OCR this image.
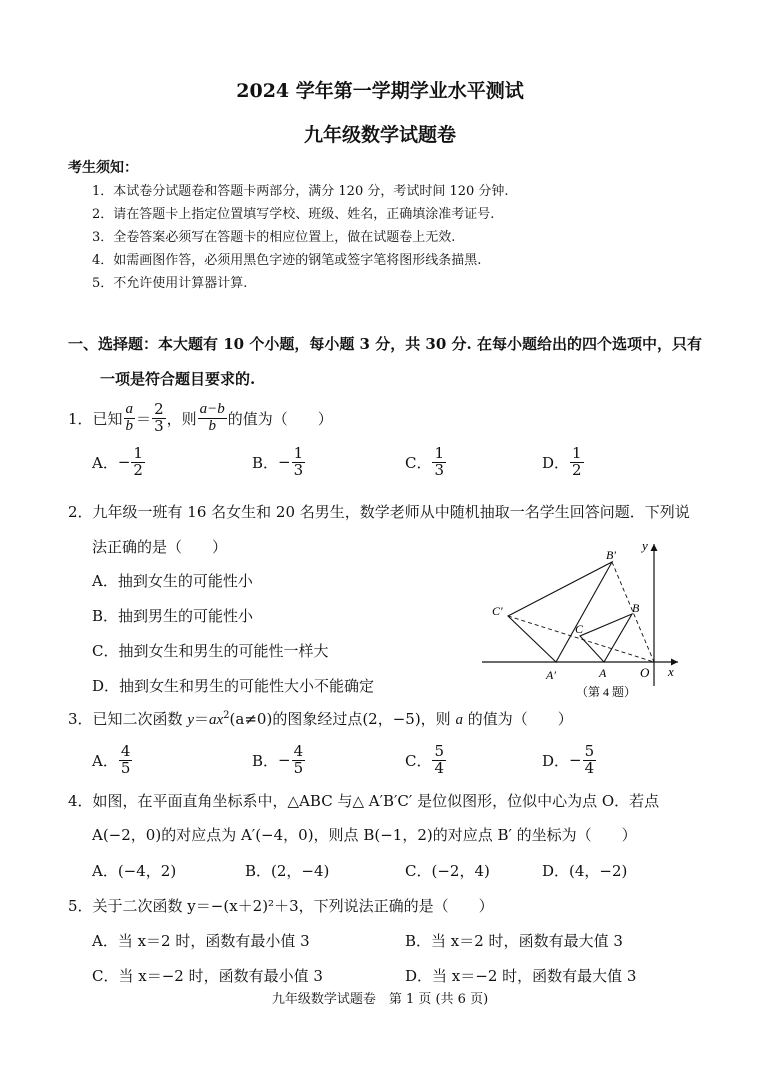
2024 学年第一学期学业水平测试
九年级数学试题卷
考生须知：
1．本试卷分试题卷和答题卡两部分，满分 120 分，考试时间 120 分钟.
2．请在答题卡上指定位置填写学校、班级、姓名，正确填涂准考证号.
3．全卷答案必须写在答题卡的相应位置上，做在试题卷上无效.
4．如需画图作答，必须用黑色字迹的钢笔或签字笔将图形线条描黑.
5．不允许使用计算器计算.
一、选择题：本大题有 10 个小题，每小题 3 分，共 30 分. 在每小题给出的四个选项中，只有
一项是符合题目要求的.
1．已知 $\frac{a}{b} = \frac{2}{3}$ ，则 $\frac{a-b}{b}$ 的值为（　　）
A． − $\frac{1}{2}$	B． − $\frac{1}{3}$	C． $\frac{1}{3}$	D． $\frac{1}{2}$
2．九年级一班有 16 名女生和 20 名男生，数学老师从中随机抽取一名学生回答问题．下列说
法正确的是（　　）
A．抽到女生的可能性小
B．抽到男生的可能性小
C．抽到女生和男生的可能性一样大
D．抽到女生和男生的可能性大小不能确定
y
x
O
A
B
C
A′
B′
C′
（第 4 题）
3．已知二次函数 $y=ax^2(a\ne 0)$的图象经过点(2，−5)，则 a 的值为（　　）
A． $\frac{4}{5}$	B． − $\frac{4}{5}$	C． $\frac{5}{4}$	D． − $\frac{5}{4}$
4．如图，在平面直角坐标系中，△ABC 与△ A′B′C′ 是位似图形，位似中心为点 O．若点
A(−2，0)的对应点为 A′(−4，0)，则点 B(−1，2)的对应点 B′ 的坐标为（　　）
A．(−4，2)	B．(2，−4)	C．(−2，4)	D．(4，−2)
5．关于二次函数 y＝−(x＋2)²＋3，下列说法正确的是（　　）
A．当 x＝2 时，函数有最小值 3	B．当 x＝2 时，函数有最大值 3
C．当 x＝−2 时，函数有最小值 3	D．当 x＝−2 时，函数有最大值 3
九年级数学试题卷　第 1 页 (共 6 页)
